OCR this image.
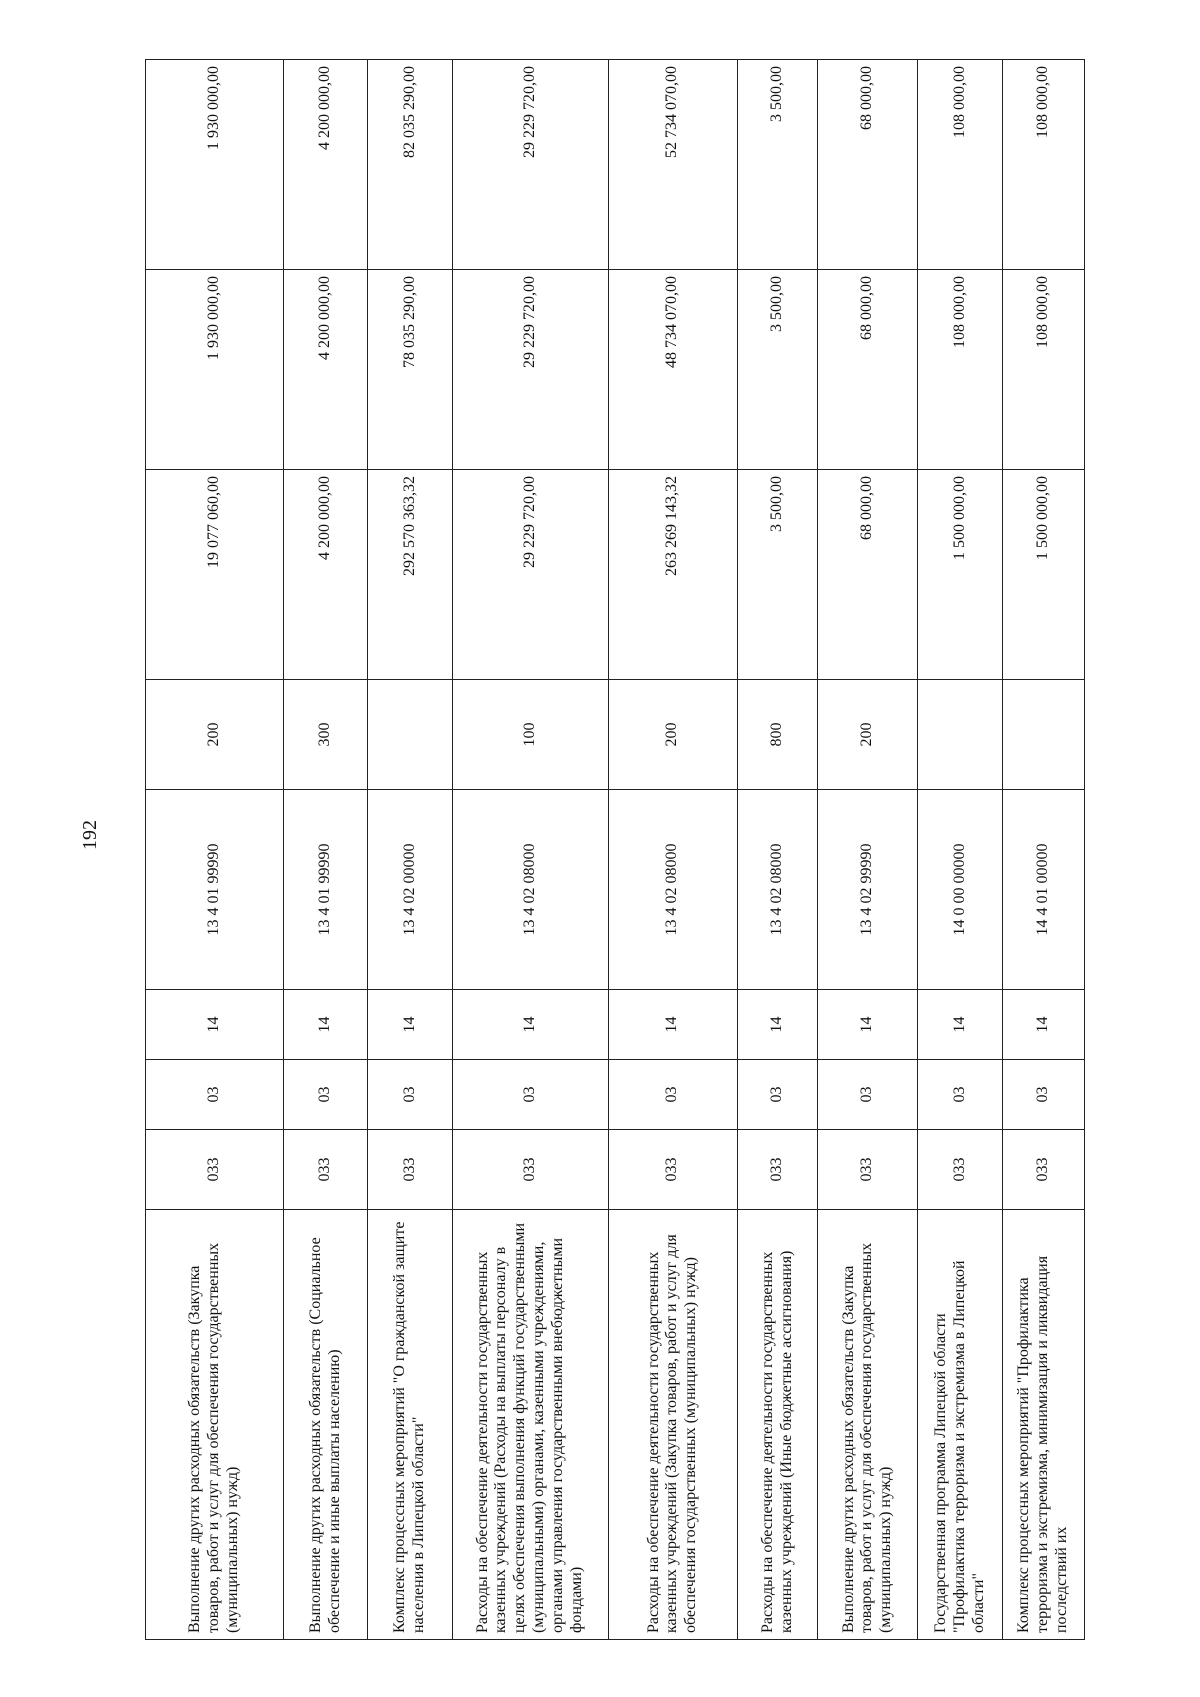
192
Выполнение других расходных обязательств (Закупка товаров, работ и услуг для обеспечения государственных (муниципальных) нужд)	033	03	14	13 4 01 99990	200	19 077 060,00	1 930 000,00	1 930 000,00
Выполнение других расходных обязательств (Социальное обеспечение и иные выплаты населению)	033	03	14	13 4 01 99990	300	4 200 000,00	4 200 000,00	4 200 000,00
Комплекс процессных мероприятий "О гражданской защите населения в Липецкой области"	033	03	14	13 4 02 00000		292 570 363,32	78 035 290,00	82 035 290,00
Расходы на обеспечение деятельности государственных казенных учреждений (Расходы на выплаты персоналу в целях обеспечения выполнения функций государственными (муниципальными) органами, казенными учреждениями, органами управления государственными внебюджетными фондами)	033	03	14	13 4 02 08000	100	29 229 720,00	29 229 720,00	29 229 720,00
Расходы на обеспечение деятельности государственных казенных учреждений (Закупка товаров, работ и услуг для обеспечения государственных (муниципальных) нужд)	033	03	14	13 4 02 08000	200	263 269 143,32	48 734 070,00	52 734 070,00
Расходы на обеспечение деятельности государственных казенных учреждений (Иные бюджетные ассигнования)	033	03	14	13 4 02 08000	800	3 500,00	3 500,00	3 500,00
Выполнение других расходных обязательств (Закупка товаров, работ и услуг для обеспечения государственных (муниципальных) нужд)	033	03	14	13 4 02 99990	200	68 000,00	68 000,00	68 000,00
Государственная программа Липецкой области "Профилактика терроризма и экстремизма в Липецкой области"	033	03	14	14 0 00 00000		1 500 000,00	108 000,00	108 000,00
Комплекс процессных мероприятий "Профилактика терроризма и экстремизма, минимизация и ликвидация последствий их	033	03	14	14 4 01 00000		1 500 000,00	108 000,00	108 000,00
